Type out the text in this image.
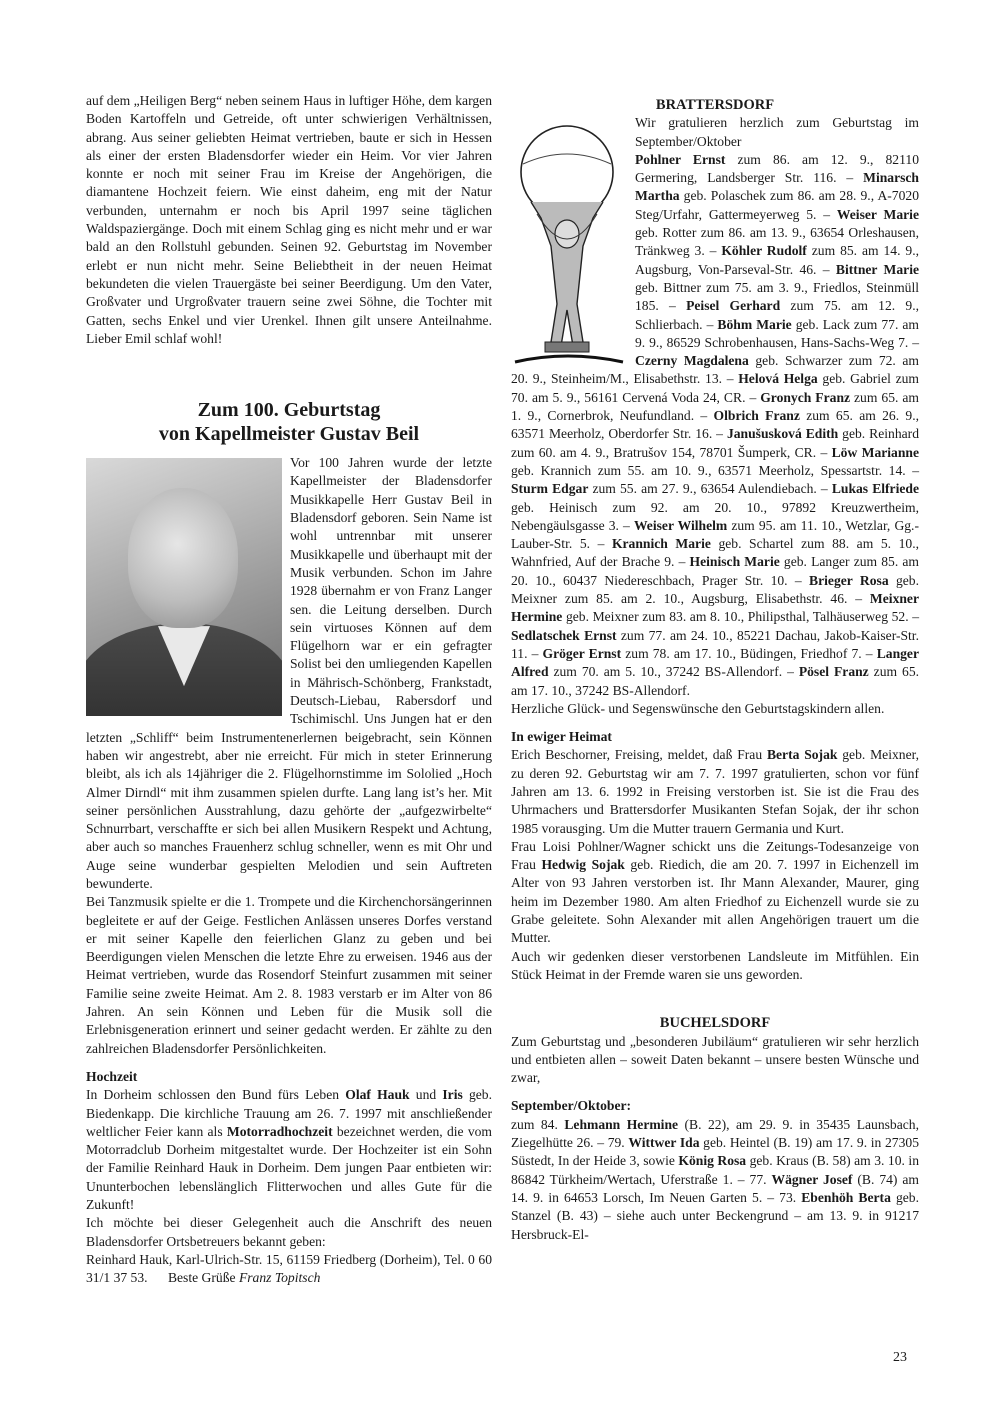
auf dem „Heiligen Berg“ neben seinem Haus in luftiger Höhe, dem kargen Boden Kartoffeln und Getreide, oft unter schwierigen Verhältnissen, abrang. Aus seiner geliebten Heimat vertrieben, baute er sich in Hessen als einer der ersten Bladensdorfer wieder ein Heim. Vor vier Jahren konnte er noch mit seiner Frau im Kreise der Angehörigen, die diamantene Hochzeit feiern. Wie einst daheim, eng mit der Natur verbunden, unternahm er noch bis April 1997 seine täglichen Waldspaziergänge. Doch mit einem Schlag ging es nicht mehr und er war bald an den Rollstuhl gebunden. Seinen 92. Geburtstag im November erlebt er nun nicht mehr. Seine Beliebtheit in der neuen Heimat bekundeten die vielen Trauergäste bei seiner Beerdigung. Um den Vater, Großvater und Urgroßvater trauern seine zwei Söhne, die Tochter mit Gatten, sechs Enkel und vier Urenkel. Ihnen gilt unsere Anteilnahme. Lieber Emil schlaf wohl!

Zum 100. Geburtstag
von Kapellmeister Gustav Beil

Vor 100 Jahren wurde der letzte Kapellmeister der Bladensdorfer Musikkapelle Herr Gustav Beil in Bladensdorf geboren. Sein Name ist wohl untrennbar mit unserer Musikkapelle und überhaupt mit der Musik verbunden. Schon im Jahre 1928 übernahm er von Franz Langer sen. die Leitung derselben. Durch sein virtuoses Können auf dem Flügelhorn war er ein gefragter Solist bei den umliegenden Kapellen in Mährisch-Schönberg, Frankstadt, Deutsch-Liebau, Rabersdorf und Tschimischl. Uns Jungen hat er den letzten „Schliff“ beim Instrumentenerlernen beigebracht, sein Können haben wir angestrebt, aber nie erreicht. Für mich in steter Erinnerung bleibt, als ich als 14jähriger die 2. Flügelhornstimme im Sololied „Hoch Almer Dirndl“ mit ihm zusammen spielen durfte. Lang lang ist’s her. Mit seiner persönlichen Ausstrahlung, dazu gehörte der „aufgezwirbelte“ Schnurrbart, verschaffte er sich bei allen Musikern Respekt und Achtung, aber auch so manches Frauenherz schlug schneller, wenn es mit Ohr und Auge seine wunderbar gespielten Melodien und sein Auftreten bewunderte.

Bei Tanzmusik spielte er die 1. Trompete und die Kirchenchorsängerinnen begleitete er auf der Geige. Festlichen Anlässen unseres Dorfes verstand er mit seiner Kapelle den feierlichen Glanz zu geben und bei Beerdigungen vielen Menschen die letzte Ehre zu erweisen. 1946 aus der Heimat vertrieben, wurde das Rosendorf Steinfurt zusammen mit seiner Familie seine zweite Heimat. Am 2. 8. 1983 verstarb er im Alter von 86 Jahren. An sein Können und Leben für die Musik soll die Erlebnisgeneration erinnert und seiner gedacht werden. Er zählte zu den zahlreichen Bladensdorfer Persönlichkeiten.

Hochzeit

In Dorheim schlossen den Bund fürs Leben Olaf Hauk und Iris geb. Biedenkapp. Die kirchliche Trauung am 26. 7. 1997 mit anschließender weltlicher Feier kann als Motorradhochzeit bezeichnet werden, die vom Motorradclub Dorheim mitgestaltet wurde. Der Hochzeiter ist ein Sohn der Familie Reinhard Hauk in Dorheim. Dem jungen Paar entbieten wir: Ununterbochen lebenslänglich Flitterwochen und alles Gute für die Zukunft!

Ich möchte bei dieser Gelegenheit auch die Anschrift des neuen Bladensdorfer Ortsbetreuers bekannt geben:

Reinhard Hauk, Karl-Ulrich-Str. 15, 61159 Friedberg (Dorheim), Tel. 0 60 31/1 37 53. Beste Grüße Franz Topitsch

BRATTERSDORF

Wir gratulieren herzlich zum Geburtstag im September/Oktober

Pohlner Ernst zum 86. am 12. 9., 82110 Germering, Landsberger Str. 116. – Minarsch Martha geb. Polaschek zum 86. am 28. 9., A-7020 Steg/Urfahr, Gattermeyerweg 5. – Weiser Marie geb. Rotter zum 86. am 13. 9., 63654 Orleshausen, Tränkweg 3. – Köhler Rudolf zum 85. am 14. 9., Augsburg, Von-Parseval-Str. 46. – Bittner Marie geb. Bittner zum 75. am 3. 9., Friedlos, Steinmüll 185. – Peisel Gerhard zum 75. am 12. 9., Schlierbach. – Böhm Marie geb. Lack zum 77. am 9. 9., 86529 Schrobenhausen, Hans-Sachs-Weg 7. – Czerny Magdalena geb. Schwarzer zum 72. am 20. 9., Steinheim/M., Elisabethstr. 13. – Helová Helga geb. Gabriel zum 70. am 5. 9., 56161 Cervená Voda 24, CR. – Gronych Franz zum 65. am 1. 9., Cornerbrok, Neufundland. – Olbrich Franz zum 65. am 26. 9., 63571 Meerholz, Oberdorfer Str. 16. – Janušusková Edith geb. Reinhard zum 60. am 4. 9., Bratrušov 154, 78701 Šumperk, CR. – Löw Marianne geb. Krannich zum 55. am 10. 9., 63571 Meerholz, Spessartstr. 14. – Sturm Edgar zum 55. am 27. 9., 63654 Aulendiebach. – Lukas Elfriede geb. Heinisch zum 92. am 20. 10., 97892 Kreuzwertheim, Nebengäulsgasse 3. – Weiser Wilhelm zum 95. am 11. 10., Wetzlar, Gg.-Lauber-Str. 5. – Krannich Marie geb. Schartel zum 88. am 5. 10., Wahnfried, Auf der Brache 9. – Heinisch Marie geb. Langer zum 85. am 20. 10., 60437 Niedereschbach, Prager Str. 10. – Brieger Rosa geb. Meixner zum 85. am 2. 10., Augsburg, Elisabethstr. 46. – Meixner Hermine geb. Meixner zum 83. am 8. 10., Philipsthal, Talhäuserweg 52. – Sedlatschek Ernst zum 77. am 24. 10., 85221 Dachau, Jakob-Kaiser-Str. 11. – Gröger Ernst zum 78. am 17. 10., Büdingen, Friedhof 7. – Langer Alfred zum 70. am 5. 10., 37242 BS-Allendorf. – Pösel Franz zum 65. am 17. 10., 37242 BS-Allendorf.

Herzliche Glück- und Segenswünsche den Geburtstagskindern allen.

In ewiger Heimat

Erich Beschorner, Freising, meldet, daß Frau Berta Sojak geb. Meixner, zu deren 92. Geburtstag wir am 7. 7. 1997 gratulierten, schon vor fünf Jahren am 13. 6. 1992 in Freising verstorben ist. Sie ist die Frau des Uhrmachers und Brattersdorfer Musikanten Stefan Sojak, der ihr schon 1985 vorausging. Um die Mutter trauern Germania und Kurt.

Frau Loisi Pohlner/Wagner schickt uns die Zeitungs-Todesanzeige von Frau Hedwig Sojak geb. Riedich, die am 20. 7. 1997 in Eichenzell im Alter von 93 Jahren verstorben ist. Ihr Mann Alexander, Maurer, ging heim im Dezember 1980. Am alten Friedhof zu Eichenzell wurde sie zu Grabe geleitete. Sohn Alexander mit allen Angehörigen trauert um die Mutter.

Auch wir gedenken dieser verstorbenen Landsleute im Mitfühlen. Ein Stück Heimat in der Fremde waren sie uns geworden.

BUCHELSDORF

Zum Geburtstag und „besonderen Jubiläum“ gratulieren wir sehr herzlich und entbieten allen – soweit Daten bekannt – unsere besten Wünsche und zwar,

September/Oktober:

zum 84. Lehmann Hermine (B. 22), am 29. 9. in 35435 Launsbach, Ziegelhütte 26. – 79. Wittwer Ida geb. Heintel (B. 19) am 17. 9. in 27305 Süstedt, In der Heide 3, sowie König Rosa geb. Kraus (B. 58) am 3. 10. in 86842 Türkheim/Wertach, Uferstraße 1. – 77. Wägner Josef (B. 74) am 14. 9. in 64653 Lorsch, Im Neuen Garten 5. – 73. Ebenhöh Berta geb. Stanzel (B. 43) – siehe auch unter Beckengrund – am 13. 9. in 91217 Hersbruck-El-

23
